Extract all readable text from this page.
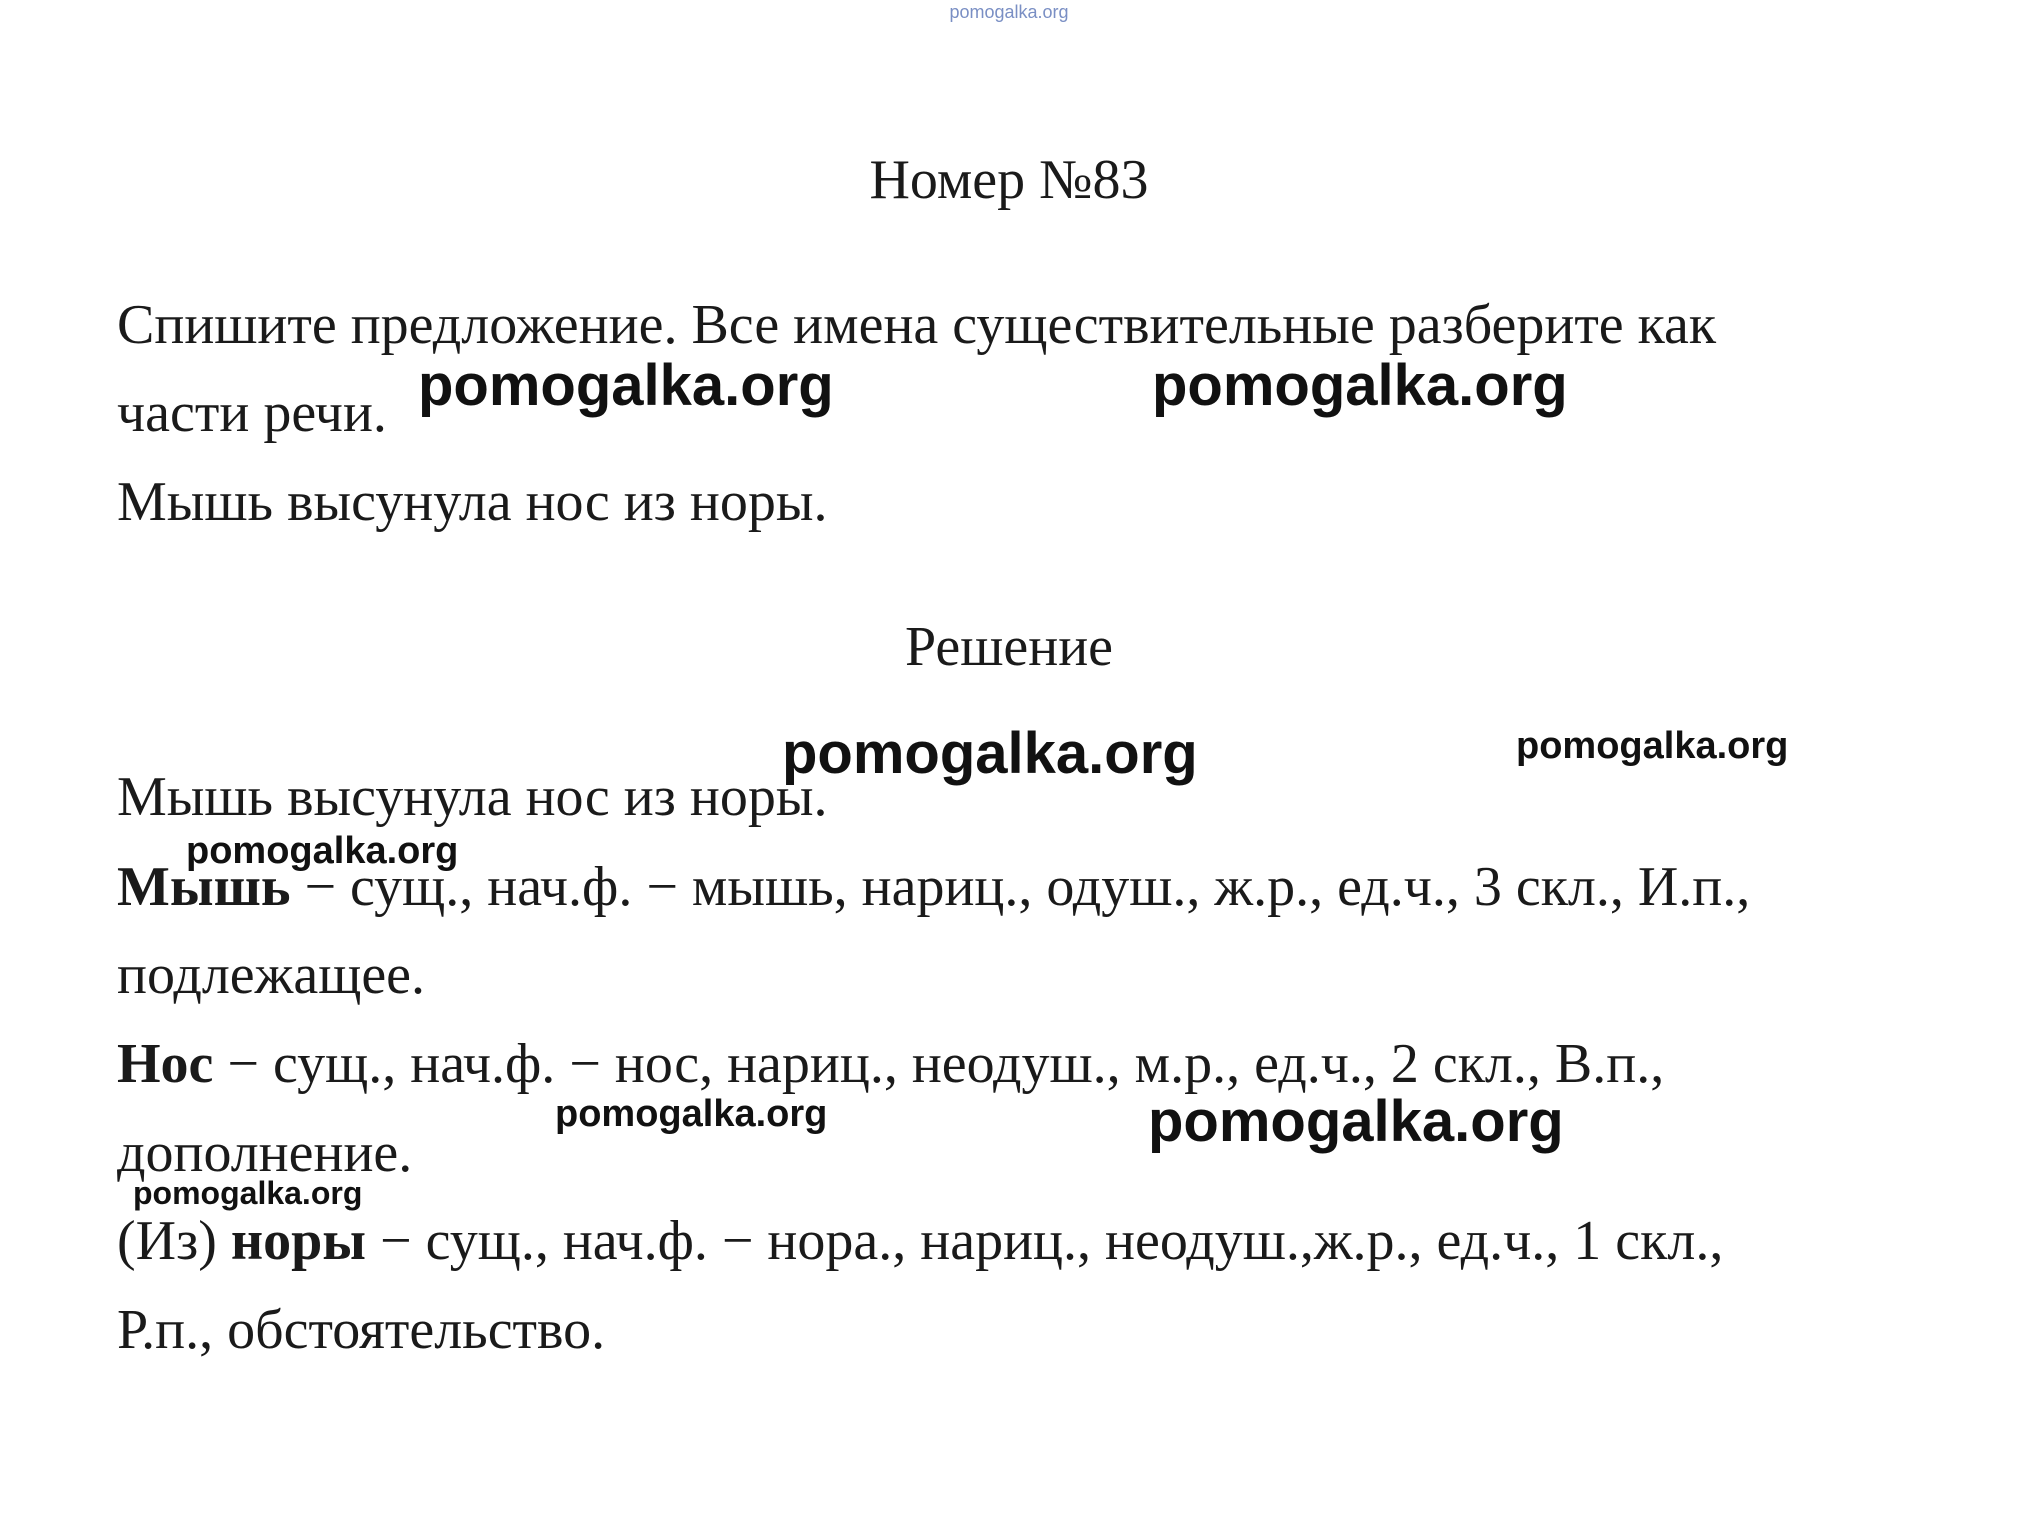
pomogalka.org
Номер №83
Спишите предложение. Все имена существительные разберите как
части речи.
Мышь высунула нос из норы.
Решение
Мышь высунула нос из норы.
Мышь − сущ., нач.ф. − мышь, нариц., одуш., ж.р., ед.ч., 3 скл., И.п.,
подлежащее.
Нос − сущ., нач.ф. − нос, нариц., неодуш., м.р., ед.ч., 2 скл., В.п.,
дополнение.
(Из) норы − сущ., нач.ф. − нора., нариц., неодуш.,ж.р., ед.ч., 1 скл.,
Р.п., обстоятельство.
pomogalka.org	pomogalka.org
pomogalka.org	pomogalka.org
pomogalka.org
pomogalka.org	pomogalka.org
pomogalka.org
